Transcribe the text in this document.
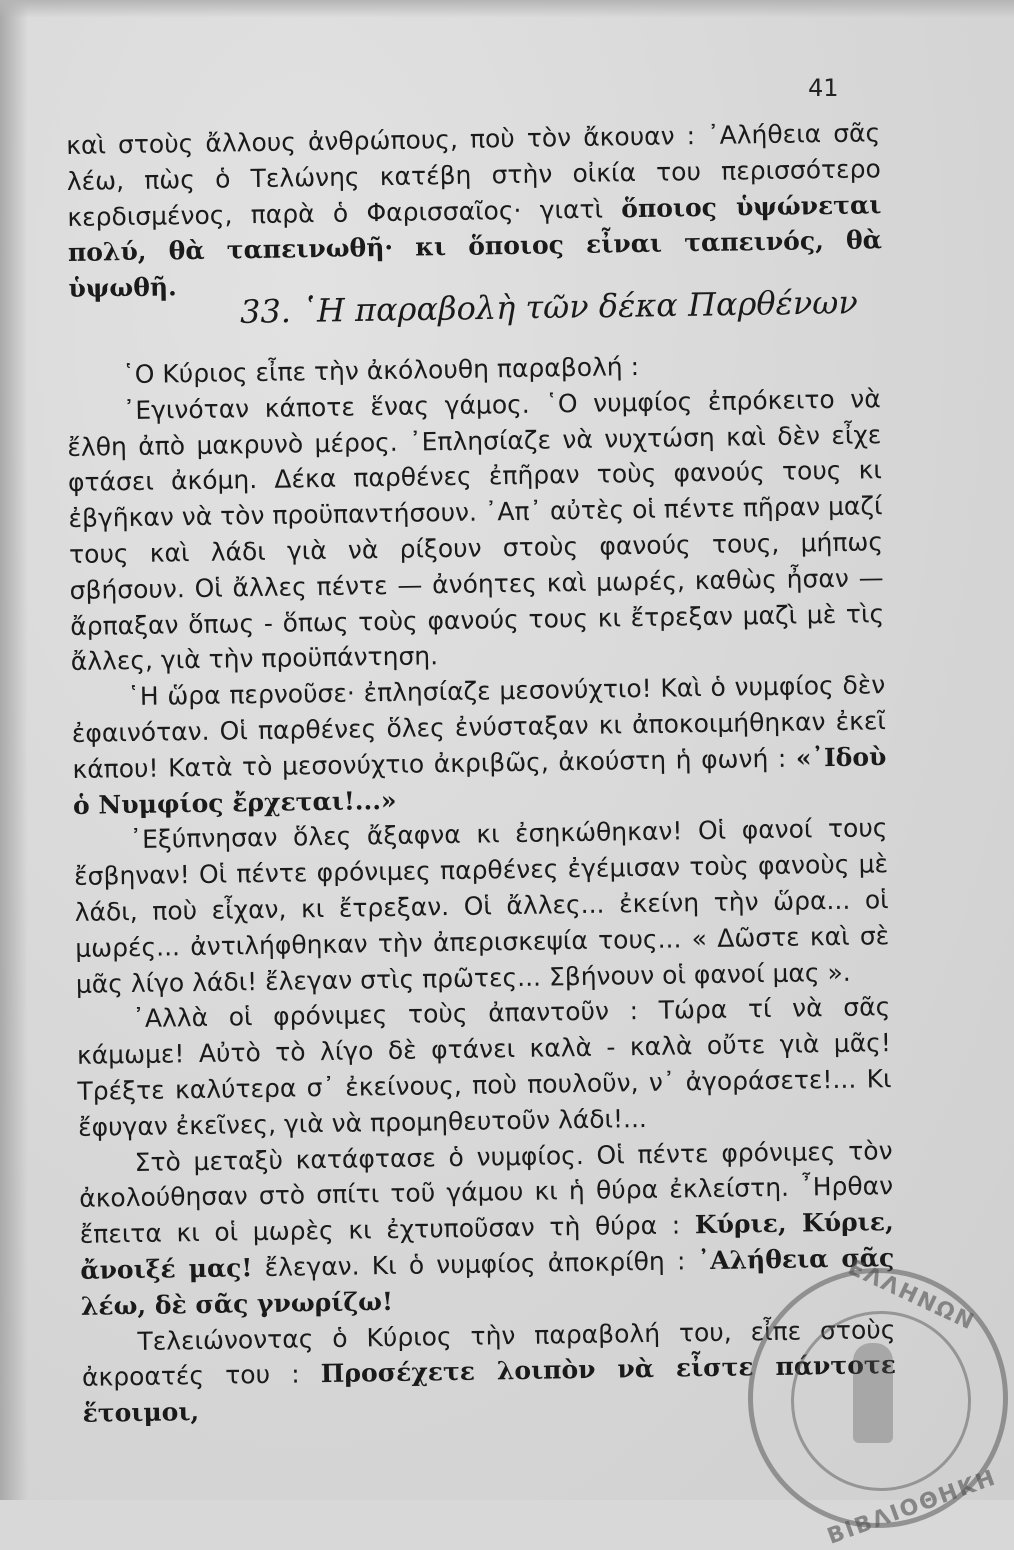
41

καὶ στοὺς ἄλλους ἀνθρώπους, ποὺ τὸν ἄκουαν : ᾿Αλήθεια σᾶς λέω, πὼς ὁ Τελώνης κατέβη στὴν οἰκία του περισσότερο κερδισμένος, παρὰ ὁ Φαρισσαῖος· γιατὶ ὅποιος ὑψώνεται πολύ, θὰ ταπεινωθῆ· κι ὅποιος εἶναι ταπεινός, θὰ ὑψωθῆ.

33. ῾Η παραβολὴ τῶν δέκα Παρθένων

῾Ο Κύριος εἶπε τὴν ἀκόλουθη παραβολή :

᾿Εγινόταν κάποτε ἕνας γάμος. ῾Ο νυμφίος ἐπρόκειτο νὰ ἔλθη ἀπὸ μακρυνὸ μέρος. ᾿Επλησίαζε νὰ νυχτώση καὶ δὲν εἶχε φτάσει ἀκόμη. Δέκα παρθένες ἐπῆραν τοὺς φανούς τους κι ἐβγῆκαν νὰ τὸν προϋπαντήσουν. ᾿Απ᾿ αὐτὲς οἱ πέντε πῆραν μαζί τους καὶ λάδι γιὰ νὰ ρίξουν στοὺς φανούς τους, μήπως σβήσουν. Οἱ ἄλλες πέντε — ἀνόητες καὶ μωρές, καθὼς ἦσαν — ἄρπαξαν ὅπως - ὅπως τοὺς φανούς τους κι ἔτρεξαν μαζὶ μὲ τὶς ἄλλες, γιὰ τὴν προϋπάντηση.

῾Η ὥρα περνοῦσε· ἐπλησίαζε μεσονύχτιο! Καὶ ὁ νυμφίος δὲν ἐφαινόταν. Οἱ παρθένες ὅλες ἐνύσταξαν κι ἀποκοιμήθηκαν ἐκεῖ κάπου! Κατὰ τὸ μεσονύχτιο ἀκριβῶς, ἀκούστη ἡ φωνή : «᾿Ιδοὺ ὁ Νυμφίος ἔρχεται!...»

᾿Εξύπνησαν ὅλες ἄξαφνα κι ἐσηκώθηκαν! Οἱ φανοί τους ἔσβηναν! Οἱ πέντε φρόνιμες παρθένες ἐγέμισαν τοὺς φανοὺς μὲ λάδι, ποὺ εἶχαν, κι ἔτρεξαν. Οἱ ἄλλες... ἐκείνη τὴν ὥρα... οἱ μωρές... ἀντιλήφθηκαν τὴν ἀπερισκεψία τους... « Δῶστε καὶ σὲ μᾶς λίγο λάδι! ἔλεγαν στὶς πρῶτες... Σβήνουν οἱ φανοί μας ».

᾿Αλλὰ οἱ φρόνιμες τοὺς ἀπαντοῦν : Τώρα τί νὰ σᾶς κάμωμε! Αὐτὸ τὸ λίγο δὲ φτάνει καλὰ - καλὰ οὔτε γιὰ μᾶς! Τρέξτε καλύτερα σ᾿ ἐκείνους, ποὺ πουλοῦν, ν᾿ ἀγοράσετε!... Κι ἔφυγαν ἐκεῖνες, γιὰ νὰ προμηθευτοῦν λάδι!...

Στὸ μεταξὺ κατάφτασε ὁ νυμφίος. Οἱ πέντε φρόνιμες τὸν ἀκολούθησαν στὸ σπίτι τοῦ γάμου κι ἡ θύρα ἐκλείστη. ῏Ηρθαν ἔπειτα κι οἱ μωρὲς κι ἐχτυποῦσαν τὴ θύρα : Κύριε, Κύριε, ἄνοιξέ μας! ἔλεγαν. Κι ὁ νυμφίος ἀποκρίθη : ᾿Αλήθεια σᾶς λέω, δὲ σᾶς γνωρίζω!

Τελειώνοντας ὁ Κύριος τὴν παραβολή του, εἶπε στοὺς ἀκροατές του : Προσέχετε λοιπὸν νὰ εἶστε πάντοτε ἕτοιμοι,

ΕΛΛΗΝΩΝ
ΒΙΒΛΙΟΘΗΚΗ
